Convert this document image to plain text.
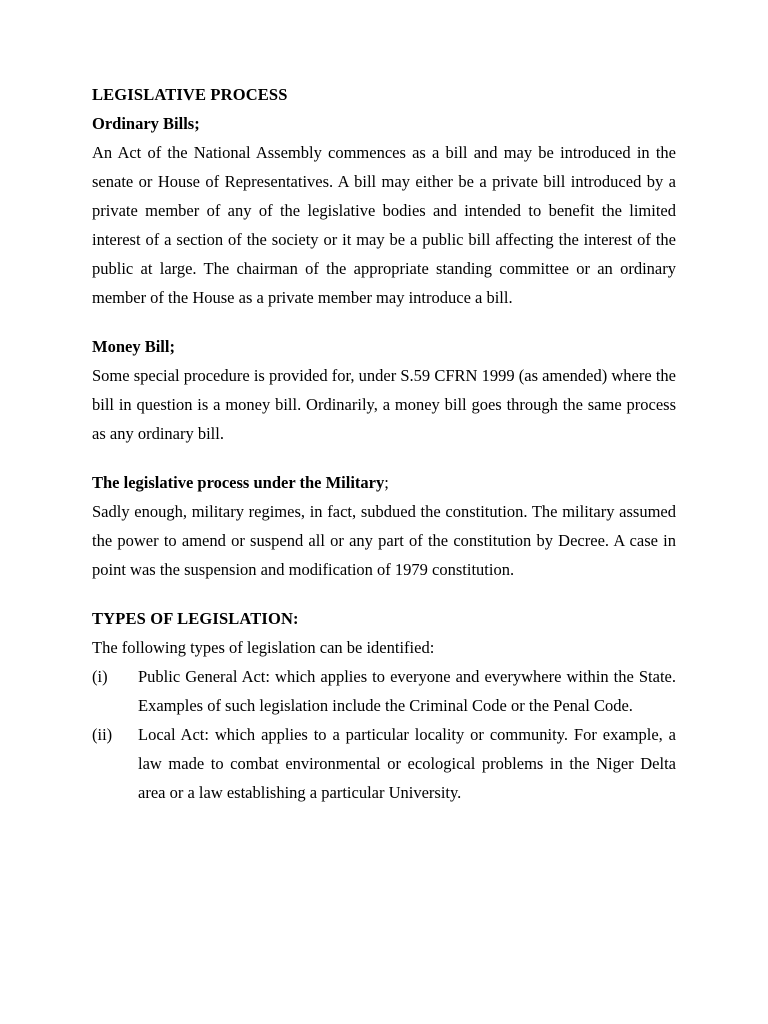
LEGISLATIVE PROCESS
Ordinary Bills;

An Act of the National Assembly commences as a bill and may be introduced in the senate or House of Representatives. A bill may either be a private bill introduced by a private member of any of the legislative bodies and intended to benefit the limited interest of a section of the society or it may be a public bill affecting the interest of the public at large. The chairman of the appropriate standing committee or an ordinary member of the House as a private member may introduce a bill.

Money Bill;

Some special procedure is provided for, under S.59 CFRN 1999 (as amended) where the bill in question is a money bill. Ordinarily, a money bill goes through the same process as any ordinary bill.

The legislative process under the Military;

Sadly enough, military regimes, in fact, subdued the constitution. The military assumed the power to amend or suspend all or any part of the constitution by Decree. A case in point was the suspension and modification of 1979 constitution.

TYPES OF LEGISLATION:

The following types of legislation can be identified:

(i)	Public General Act: which applies to everyone and everywhere within the State. Examples of such legislation include the Criminal Code or the Penal Code.
(ii)	Local Act: which applies to a particular locality or community. For example, a law made to combat environmental or ecological problems in the Niger Delta area or a law establishing a particular University.
